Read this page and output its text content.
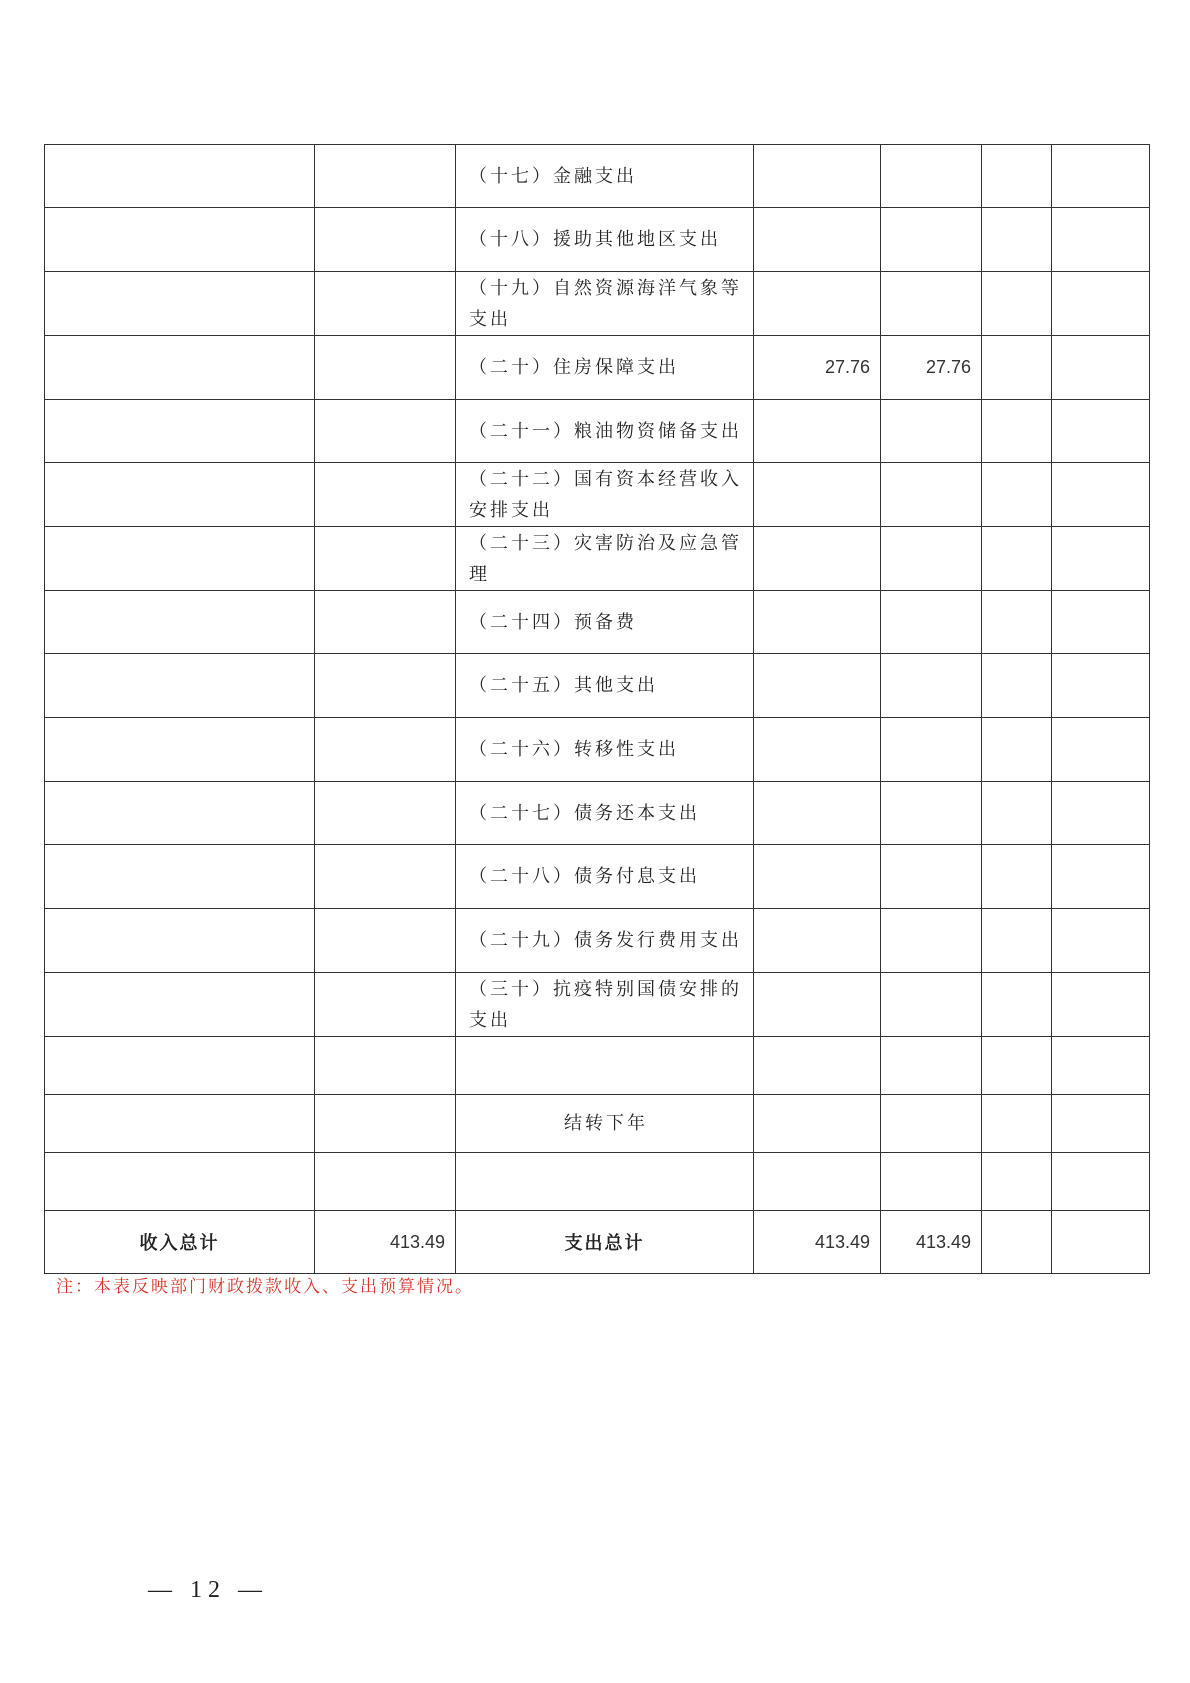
		（十七）金融支出				
		（十八）援助其他地区支出				
		（十九）自然资源海洋气象等支出				
		（二十）住房保障支出	27.76	27.76		
		（二十一）粮油物资储备支出				
		（二十二）国有资本经营收入安排支出				
		（二十三）灾害防治及应急管理				
		（二十四）预备费				
		（二十五）其他支出				
		（二十六）转移性支出				
		（二十七）债务还本支出				
		（二十八）债务付息支出				
		（二十九）债务发行费用支出				
		（三十）抗疫特别国债安排的支出				

		结转下年				

收入总计	413.49	支出总计	413.49	413.49		
注：本表反映部门财政拨款收入、支出预算情况。
— 12 —
